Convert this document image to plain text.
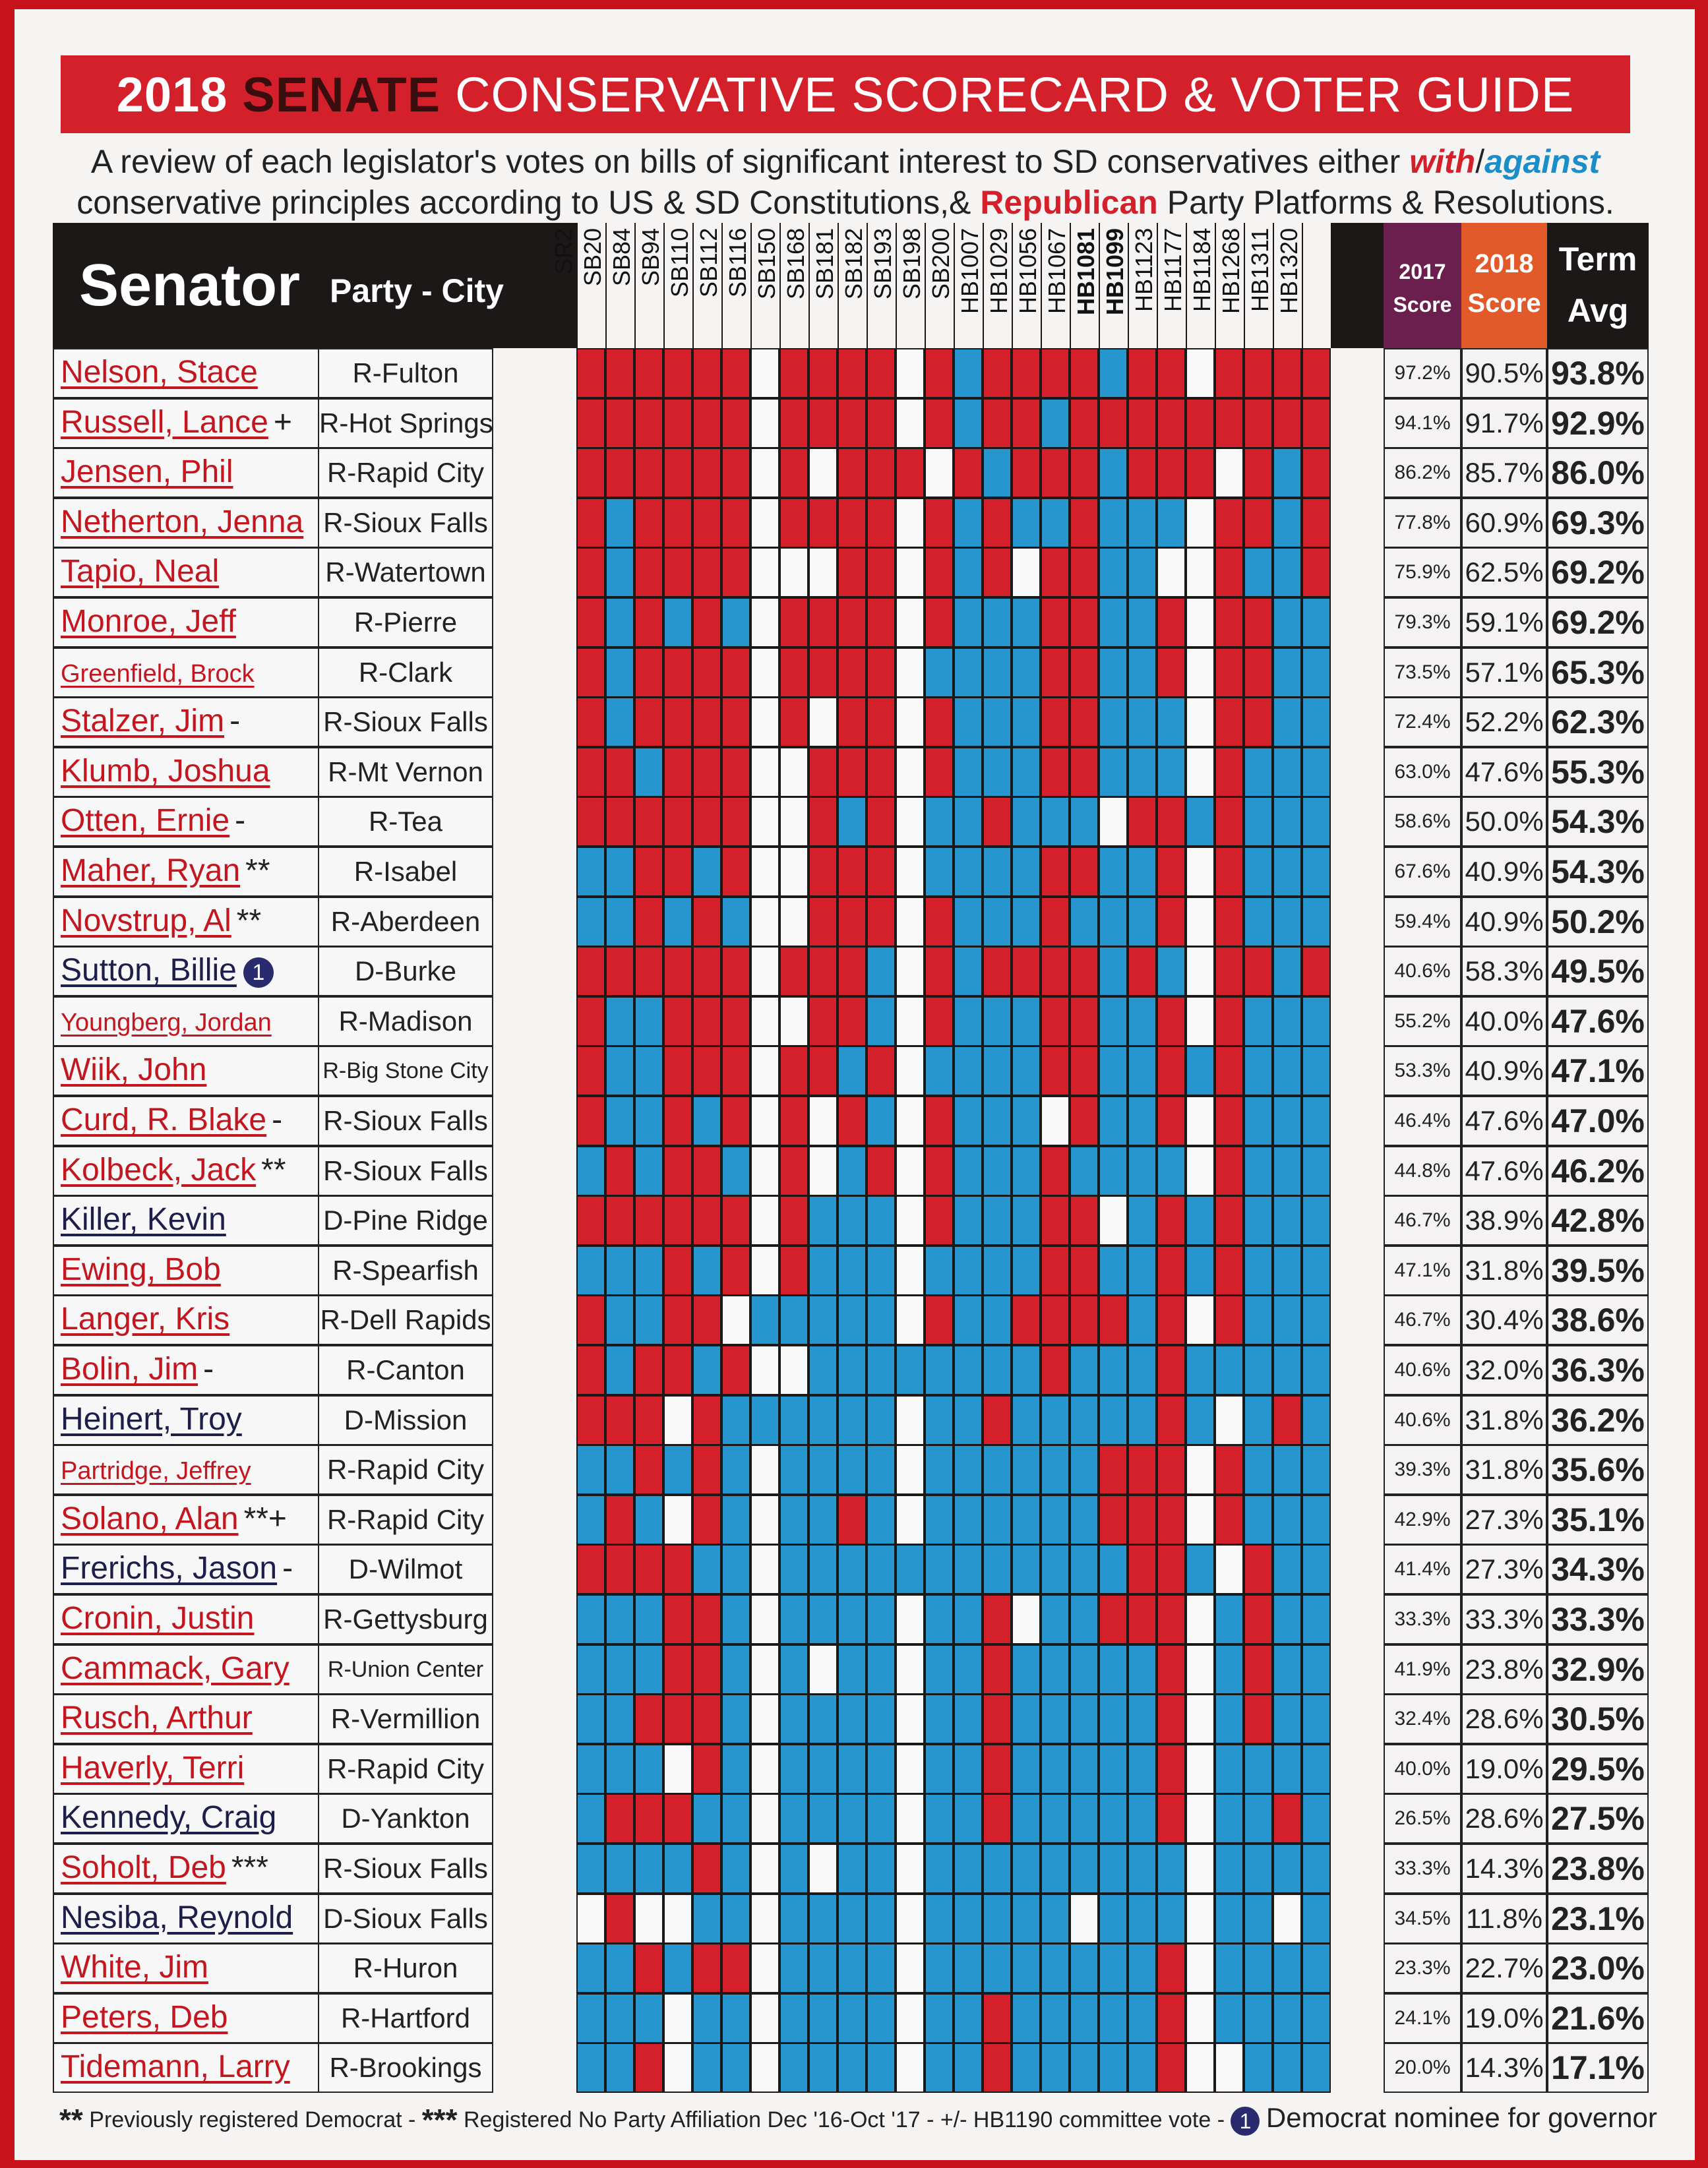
2018 SENATE CONSERVATIVE SCORECARD & VOTER GUIDE
A review of each legislator's votes on bills of significant interest to SD conservatives either with/against
conservative principles according to US & SD Constitutions,& Republican Party Platforms & Resolutions.
Senator Party - City
SR2 SB20 SB84 SB94 SB110 SB112 SB116 SB150 SB168 SB181 SB182 SB193 SB198 SB200 HB1007 HB1029 HB1056 HB1067 HB1081 HB1099 HB1123 HB1177 HB1184 HB1268 HB1311 HB1320	2017
Score
2018
Score
Term
Avg
Nelson, Stace	R-Fulton	97.2% 90.5% 93.8%
Russell, Lance + R-Hot Springs	94.1% 91.7% 92.9%
Jensen, Phil	R-Rapid City	86.2% 85.7% 86.0%
Netherton, Jenna R-Sioux Falls	77.8% 60.9% 69.3%
Tapio, Neal	R-Watertown	75.9% 62.5% 69.2%
Monroe, Jeff	R-Pierre	79.3% 59.1% 69.2%
Greenfield, Brock	R-Clark	73.5% 57.1% 65.3%
Stalzer, Jim -	R-Sioux Falls	72.4% 52.2% 62.3%
Klumb, Joshua	R-Mt Vernon	63.0% 47.6% 55.3%
Otten, Ernie -	R-Tea	58.6% 50.0% 54.3%
Maher, Ryan **	R-Isabel	67.6% 40.9% 54.3%
Novstrup, Al **	R-Aberdeen	59.4% 40.9% 50.2%
Sutton, Billie 1	D-Burke	40.6% 58.3% 49.5%
Youngberg, Jordan	R-Madison	55.2% 40.0% 47.6%
Wiik, John	R-Big Stone City	53.3% 40.9% 47.1%
Curd, R. Blake -	R-Sioux Falls	46.4% 47.6% 47.0%
Kolbeck, Jack **	R-Sioux Falls	44.8% 47.6% 46.2%
Killer, Kevin	D-Pine Ridge	46.7% 38.9% 42.8%
Ewing, Bob	R-Spearfish	47.1% 31.8% 39.5%
Langer, Kris	R-Dell Rapids	46.7% 30.4% 38.6%
Bolin, Jim -	R-Canton	40.6% 32.0% 36.3%
Heinert, Troy	D-Mission	40.6% 31.8% 36.2%
Partridge, Jeffrey	R-Rapid City	39.3% 31.8% 35.6%
Solano, Alan **+	R-Rapid City	42.9% 27.3% 35.1%
Frerichs, Jason -	D-Wilmot	41.4% 27.3% 34.3%
Cronin, Justin	R-Gettysburg	33.3% 33.3% 33.3%
Cammack, Gary	R-Union Center	41.9% 23.8% 32.9%
Rusch, Arthur	R-Vermillion	32.4% 28.6% 30.5%
Haverly, Terri	R-Rapid City	40.0% 19.0% 29.5%
Kennedy, Craig	D-Yankton	26.5% 28.6% 27.5%
Soholt, Deb ***	R-Sioux Falls	33.3% 14.3% 23.8%
Nesiba, Reynold	D-Sioux Falls	34.5% 11.8% 23.1%
White, Jim	R-Huron	23.3% 22.7% 23.0%
Peters, Deb	R-Hartford	24.1% 19.0% 21.6%
Tidemann, Larry	R-Brookings	20.0% 14.3% 17.1%
** Previously registered Democrat - *** Registered No Party Affiliation Dec '16-Oct '17 - +/- HB1190 committee vote - 1 Democrat nominee for governor
